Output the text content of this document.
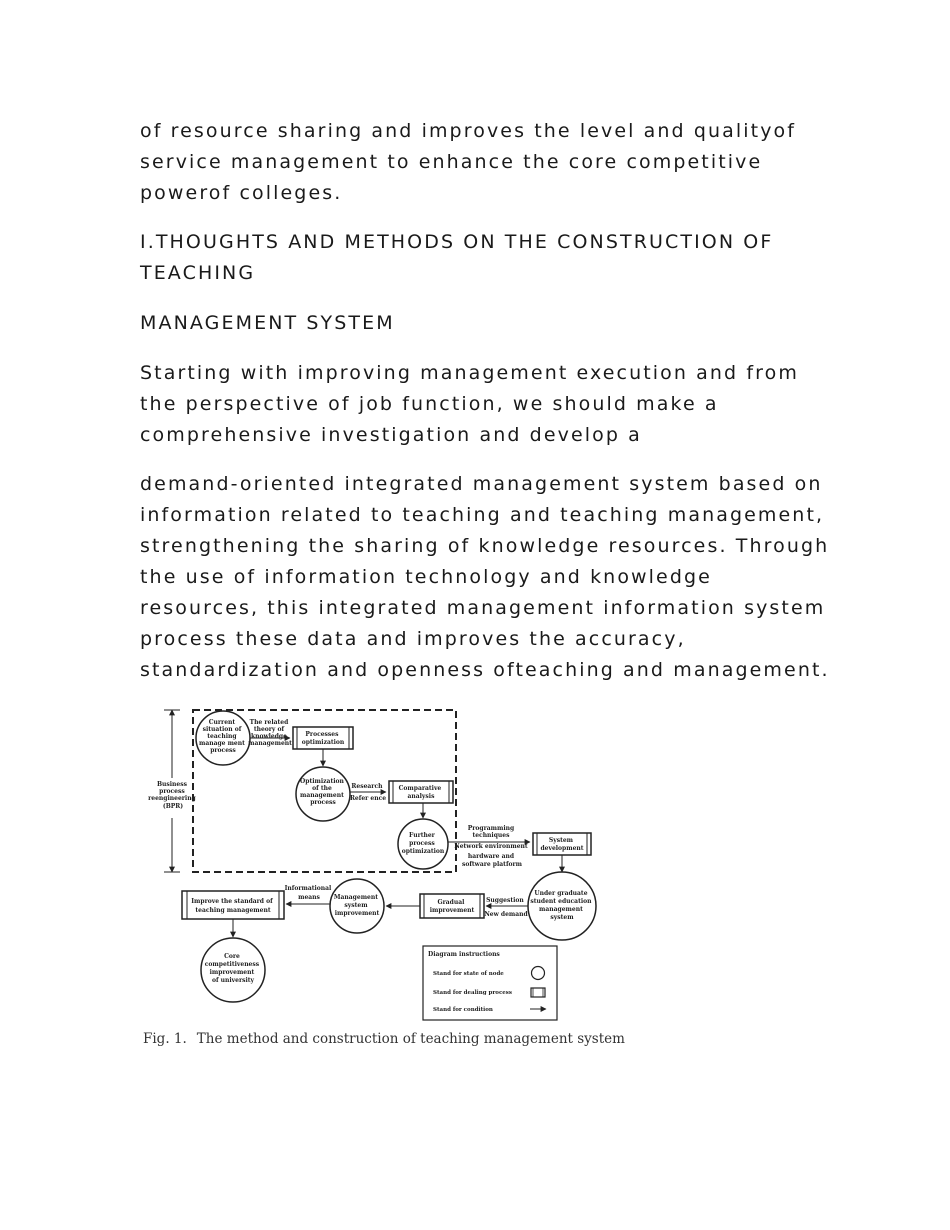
of resource sharing and improves the level and qualityof
service management to enhance the core competitive
powerof colleges.

I.THOUGHTS AND METHODS ON THE CONSTRUCTION OF
TEACHING

MANAGEMENT SYSTEM

Starting with improving management execution and from
the perspective of job function, we should make a
comprehensive investigation and develop a

demand-oriented integrated management system based on
information related to teaching and teaching management,
strengthening the sharing of knowledge resources. Through
the use of information technology and knowledge
resources, this integrated management information system
process these data and improves the accuracy,
standardization and openness ofteaching and management.

Business process reengineering (BPR)
Current situation of teaching manage ment process
The related theory of knowledge management
Processes optimization
Optimization of the management process
Research Refer ence
Comparative analysis
Further process optimization
Programming techniques Network environment hardware and software platform
System development
Under graduate student education management system
Suggestion New demand
Gradual improvement
Management system improvement
Informational means
Improve the standard of teaching management
Core competitiveness improvement of university
Diagram instructions
Stand for state of node
Stand for dealing process
Stand for condition
Fig. 1. The method and construction of teaching management system
